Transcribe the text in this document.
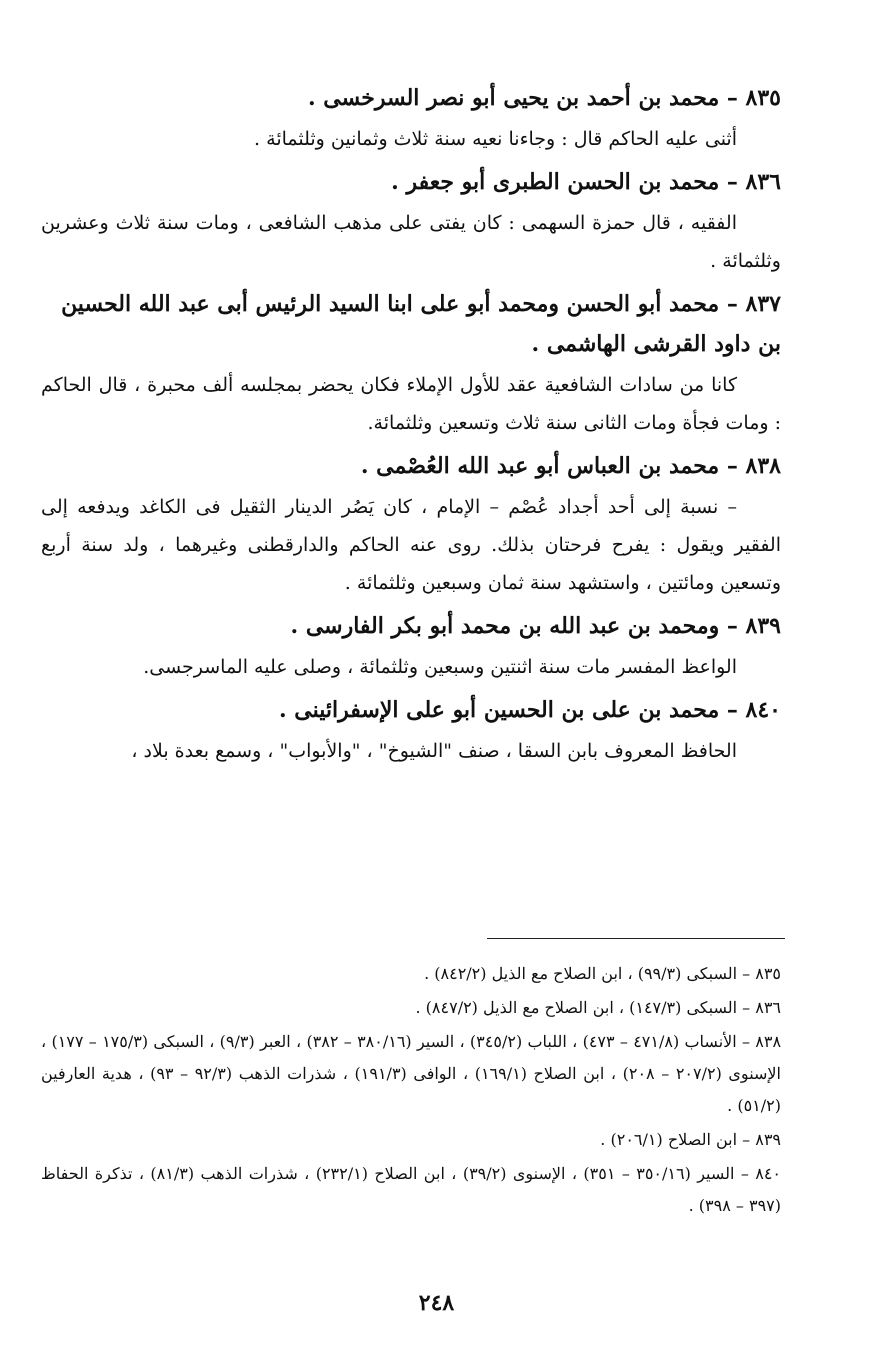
٨٣٥ – محمد بن أحمد بن يحيى أبو نصر السرخسى .

أثنى عليه الحاكم قال : وجاءنا نعيه سنة ثلاث وثمانين وثلثمائة .

٨٣٦ – محمد بن الحسن الطبرى أبو جعفر .

الفقيه ، قال حمزة السهمى : كان يفتى على مذهب الشافعى ، ومات سنة ثلاث وعشرين وثلثمائة .

٨٣٧ – محمد أبو الحسن ومحمد أبو على ابنا السيد الرئيس أبى عبد الله الحسين بن داود القرشى الهاشمى .

كانا من سادات الشافعية عقد للأول الإملاء فكان يحضر بمجلسه ألف محبرة ، قال الحاكم : ومات فجأة ومات الثانى سنة ثلاث وتسعين وثلثمائة.

٨٣٨ – محمد بن العباس أبو عبد الله العُصْمى .

– نسبة إلى أحد أجداد عُصْم – الإمام ، كان يَصُر الدينار الثقيل فى الكاغد ويدفعه إلى الفقير ويقول : يفرح فرحتان بذلك. روى عنه الحاكم والدارقطنى وغيرهما ، ولد سنة أربع وتسعين ومائتين ، واستشهد سنة ثمان وسبعين وثلثمائة .

٨٣٩ – ومحمد بن عبد الله بن محمد أبو بكر الفارسى .

الواعظ المفسر مات سنة اثنتين وسبعين وثلثمائة ، وصلى عليه الماسرجسى.

٨٤٠ – محمد بن على بن الحسين أبو على الإسفرائينى .

الحافظ المعروف بابن السقا ، صنف "الشيوخ" ، "والأبواب" ، وسمع بعدة بلاد ،

٨٣٥ – السبكى (٩٩/٣) ، ابن الصلاح مع الذيل (٨٤٢/٢) .

٨٣٦ – السبكى (١٤٧/٣) ، ابن الصلاح مع الذيل (٨٤٧/٢) .

٨٣٨ – الأنساب (٤٧١/٨ – ٤٧٣) ، اللباب (٣٤٥/٢) ، السير (٣٨٠/١٦ – ٣٨٢) ، العبر (٩/٣) ، السبكى (١٧٥/٣ – ١٧٧) ، الإسنوى (٢٠٧/٢ – ٢٠٨) ، ابن الصلاح (١٦٩/١) ، الوافى (١٩١/٣) ، شذرات الذهب (٩٢/٣ – ٩٣) ، هدية العارفين (٥١/٢) .

٨٣٩ – ابن الصلاح (٢٠٦/١) .

٨٤٠ – السير (٣٥٠/١٦ – ٣٥١) ، الإسنوى (٣٩/٢) ، ابن الصلاح (٢٣٢/١) ، شذرات الذهب (٨١/٣) ، تذكرة الحفاظ (٣٩٧ – ٣٩٨) .

٢٤٨
